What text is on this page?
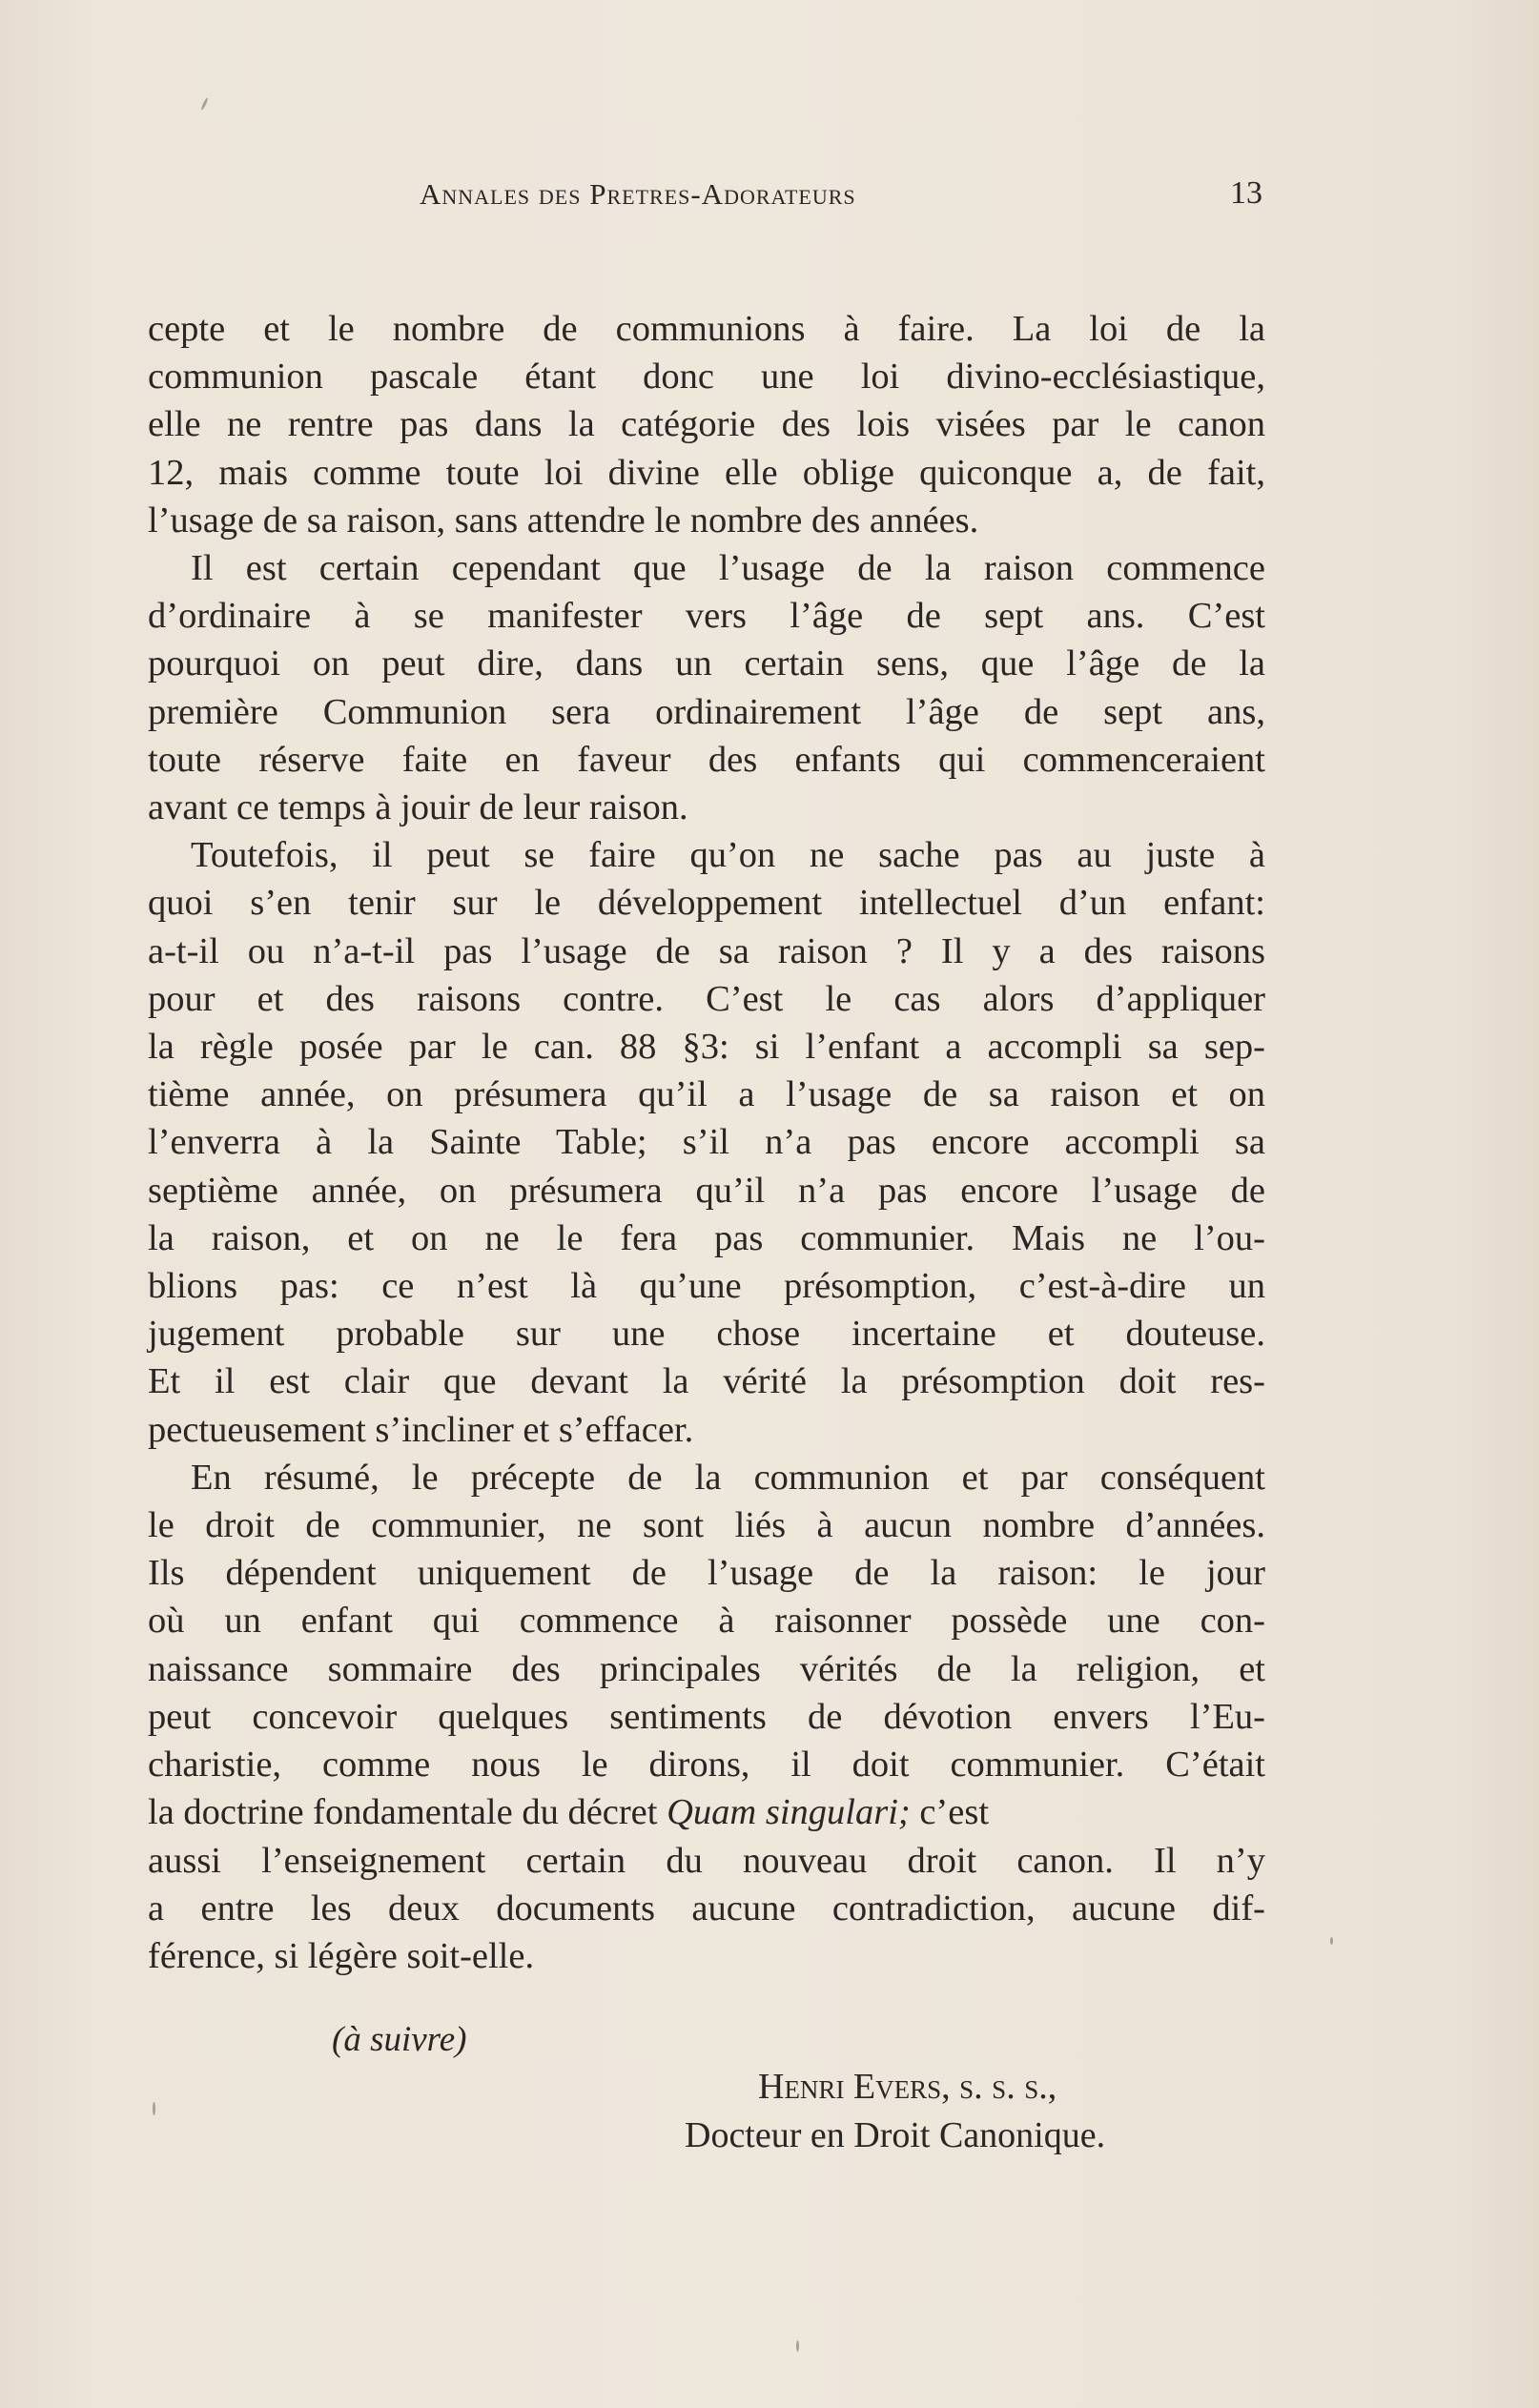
Annales des Pretres-Adorateurs	13
cepte et le nombre de communions à faire. La loi de la
communion pascale étant donc une loi divino-ecclésiastique,
elle ne rentre pas dans la catégorie des lois visées par le canon
12, mais comme toute loi divine elle oblige quiconque a, de fait,
l’usage de sa raison, sans attendre le nombre des années.
Il est certain cependant que l’usage de la raison commence
d’ordinaire à se manifester vers l’âge de sept ans. C’est
pourquoi on peut dire, dans un certain sens, que l’âge de la
première Communion sera ordinairement l’âge de sept ans,
toute réserve faite en faveur des enfants qui commenceraient
avant ce temps à jouir de leur raison.
Toutefois, il peut se faire qu’on ne sache pas au juste à
quoi s’en tenir sur le développement intellectuel d’un enfant:
a-t-il ou n’a-t-il pas l’usage de sa raison ? Il y a des raisons
pour et des raisons contre. C’est le cas alors d’appliquer
la règle posée par le can. 88 §3: si l’enfant a accompli sa sep-
tième année, on présumera qu’il a l’usage de sa raison et on
l’enverra à la Sainte Table; s’il n’a pas encore accompli sa
septième année, on présumera qu’il n’a pas encore l’usage de
la raison, et on ne le fera pas communier. Mais ne l’ou-
blions pas: ce n’est là qu’une présomption, c’est-à-dire un
jugement probable sur une chose incertaine et douteuse.
Et il est clair que devant la vérité la présomption doit res-
pectueusement s’incliner et s’effacer.
En résumé, le précepte de la communion et par conséquent
le droit de communier, ne sont liés à aucun nombre d’années.
Ils dépendent uniquement de l’usage de la raison: le jour
où un enfant qui commence à raisonner possède une con-
naissance sommaire des principales vérités de la religion, et
peut concevoir quelques sentiments de dévotion envers l’Eu-
charistie, comme nous le dirons, il doit communier. C’était
la doctrine fondamentale du décret Quam singulari; c’est
aussi l’enseignement certain du nouveau droit canon. Il n’y
a entre les deux documents aucune contradiction, aucune dif-
férence, si légère soit-elle.
(à suivre)
Henri Evers, s. s. s.,
Docteur en Droit Canonique.
